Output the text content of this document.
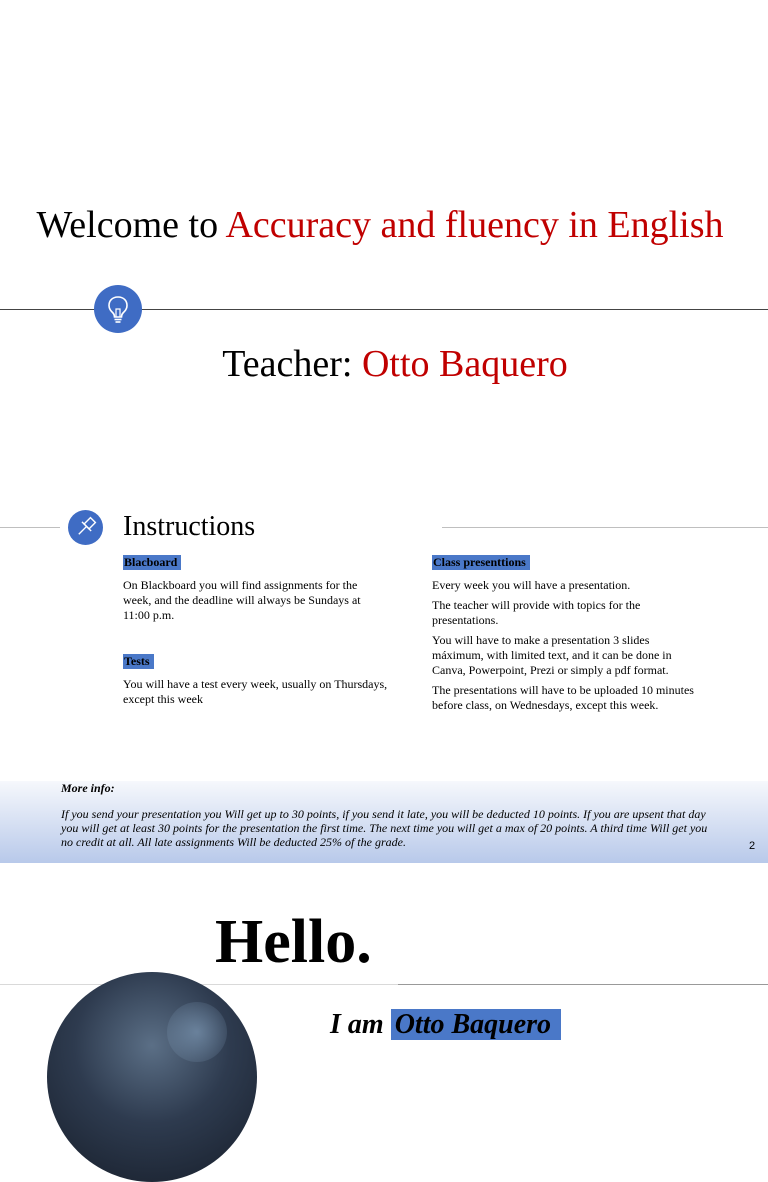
Welcome to Accuracy and fluency in English
Teacher: Otto Baquero
Instructions
Blacboard

On Blackboard you will find assignments for the week, and the deadline will always be Sundays at 11:00 p.m.

Tests

You will have a test every week, usually on Thursdays, except this week

Class presenttions

Every week you will have a presentation.

The teacher will provide with topics for the presentations.

You will have to make a presentation 3 slides máximum, with limited text, and it can be done in Canva, Powerpoint, Prezi or simply a pdf format.

The presentations will have to be uploaded 10 minutes before class, on Wednesdays, except this week.

More info:
If you send your presentation you Will get up to 30 points, if you send it late, you will be deducted 10 points. If you are upsent that day you will get at least 30 points for the presentation the first time. The next time you will get a max of 20 points. A third time Will get you no credit at all. All late assignments Will be deducted 25% of the grade.	2
Hello.
I am Otto Baquero
